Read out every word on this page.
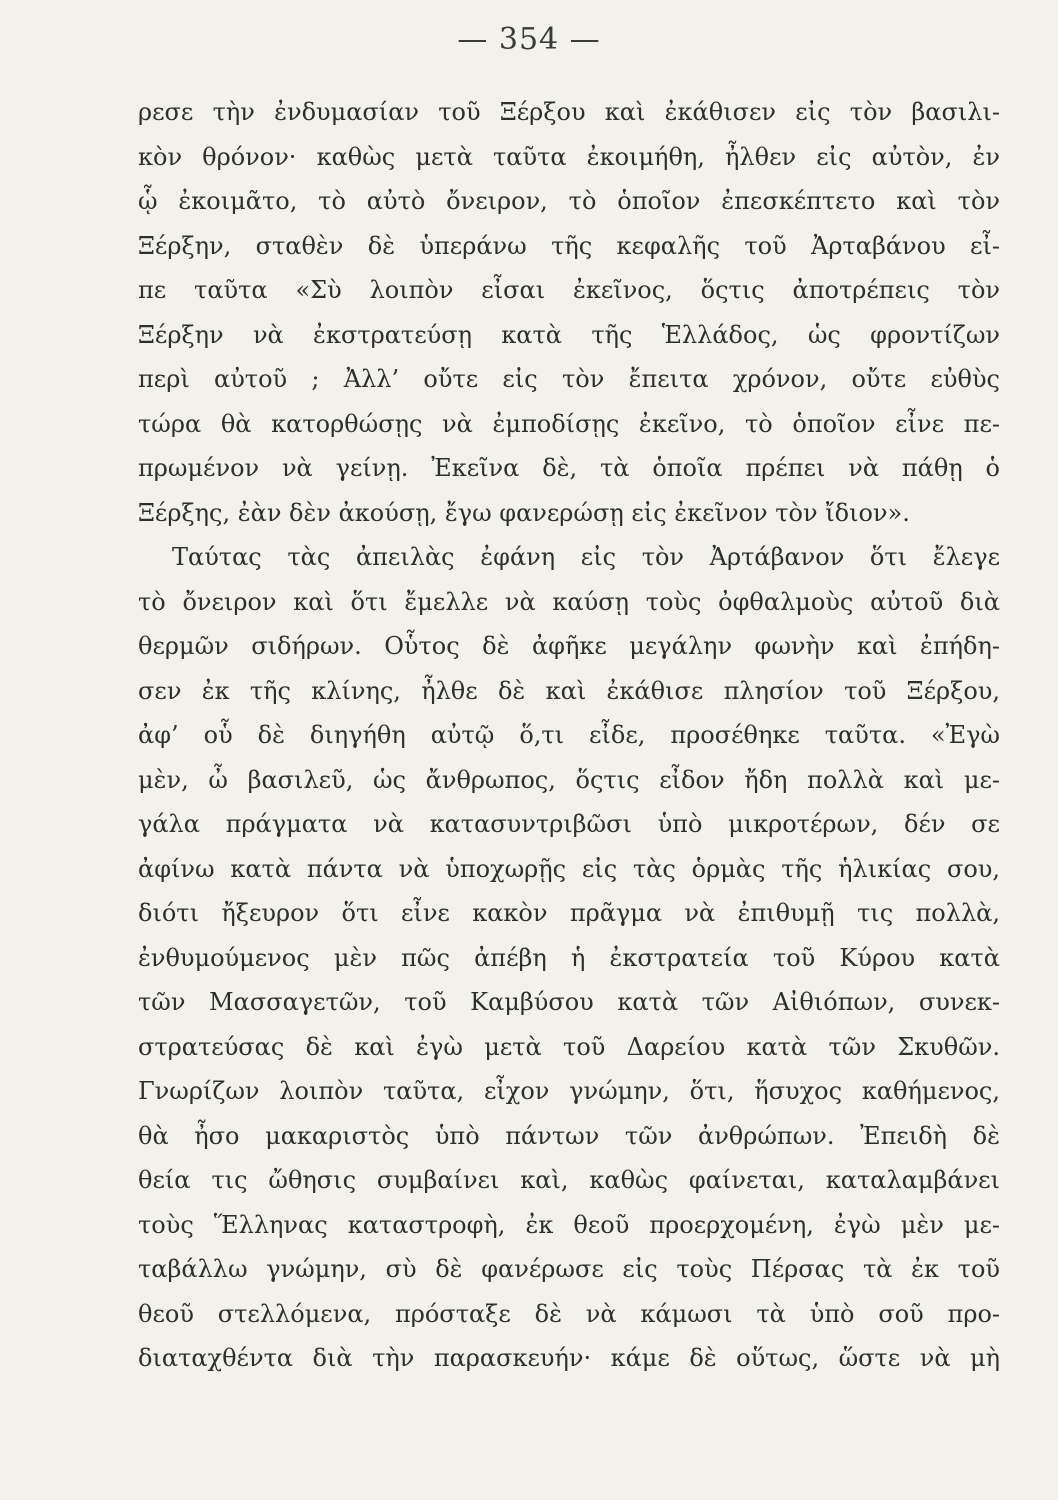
— 354 —
ρεσε τὴν ἐνδυμασίαν τοῦ Ξέρξου καὶ ἐκάθισεν εἰς τὸν βασιλι-
κὸν θρόνον· καθὼς μετὰ ταῦτα ἐκοιμήθη, ἦλθεν εἰς αὐτὸν, ἐν
ᾧ ἐκοιμᾶτο, τὸ αὐτὸ ὄνειρον, τὸ ὁποῖον ἐπεσκέπτετο καὶ τὸν
Ξέρξην, σταθὲν δὲ ὑπεράνω τῆς κεφαλῆς τοῦ Ἀρταβάνου εἶ-
πε ταῦτα «Σὺ λοιπὸν εἶσαι ἐκεῖνος, ὅςτις ἀποτρέπεις τὸν
Ξέρξην νὰ ἐκστρατεύσῃ κατὰ τῆς Ἑλλάδος, ὡς φροντίζων
περὶ αὐτοῦ ; Ἀλλ’ οὔτε εἰς τὸν ἔπειτα χρόνον, οὔτε εὐθὺς
τώρα θὰ κατορθώσῃς νὰ ἐμποδίσῃς ἐκεῖνο, τὸ ὁποῖον εἶνε πε-
πρωμένον νὰ γείνῃ. Ἐκεῖνα δὲ, τὰ ὁποῖα πρέπει νὰ πάθῃ ὁ
Ξέρξης, ἐὰν δὲν ἀκούσῃ, ἔγω φανερώσῃ εἰς ἐκεῖνον τὸν ἴδιον».
Ταύτας τὰς ἀπειλὰς ἐφάνη εἰς τὸν Ἀρτάβανον ὅτι ἔλεγε
τὸ ὄνειρον καὶ ὅτι ἔμελλε νὰ καύσῃ τοὺς ὀφθαλμοὺς αὐτοῦ διὰ
θερμῶν σιδήρων. Οὗτος δὲ ἀφῆκε μεγάλην φωνὴν καὶ ἐπήδη-
σεν ἐκ τῆς κλίνης, ἦλθε δὲ καὶ ἐκάθισε πλησίον τοῦ Ξέρξου,
ἀφ’ οὗ δὲ διηγήθη αὐτῷ ὅ,τι εἶδε, προσέθηκε ταῦτα. «Ἐγὼ
μὲν, ὦ βασιλεῦ, ὡς ἄνθρωπος, ὅςτις εἶδον ἤδη πολλὰ καὶ με-
γάλα πράγματα νὰ κατασυντριβῶσι ὑπὸ μικροτέρων, δέν σε
ἀφίνω κατὰ πάντα νὰ ὑποχωρῇς εἰς τὰς ὁρμὰς τῆς ἡλικίας σου,
διότι ἤξευρον ὅτι εἶνε κακὸν πρᾶγμα νὰ ἐπιθυμῇ τις πολλὰ,
ἐνθυμούμενος μὲν πῶς ἀπέβη ἡ ἐκστρατεία τοῦ Κύρου κατὰ
τῶν Μασσαγετῶν, τοῦ Καμβύσου κατὰ τῶν Αἰθιόπων, συνεκ-
στρατεύσας δὲ καὶ ἐγὼ μετὰ τοῦ Δαρείου κατὰ τῶν Σκυθῶν.
Γνωρίζων λοιπὸν ταῦτα, εἶχον γνώμην, ὅτι, ἥσυχος καθήμενος,
θὰ ἦσο μακαριστὸς ὑπὸ πάντων τῶν ἀνθρώπων. Ἐπειδὴ δὲ
θεία τις ὤθησις συμβαίνει καὶ, καθὼς φαίνεται, καταλαμβάνει
τοὺς Ἕλληνας καταστροφὴ, ἐκ θεοῦ προερχομένη, ἐγὼ μὲν με-
ταβάλλω γνώμην, σὺ δὲ φανέρωσε εἰς τοὺς Πέρσας τὰ ἐκ τοῦ
θεοῦ στελλόμενα, πρόσταξε δὲ νὰ κάμωσι τὰ ὑπὸ σοῦ προ-
διαταχθέντα διὰ τὴν παρασκευήν· κάμε δὲ οὕτως, ὥστε νὰ μὴ
